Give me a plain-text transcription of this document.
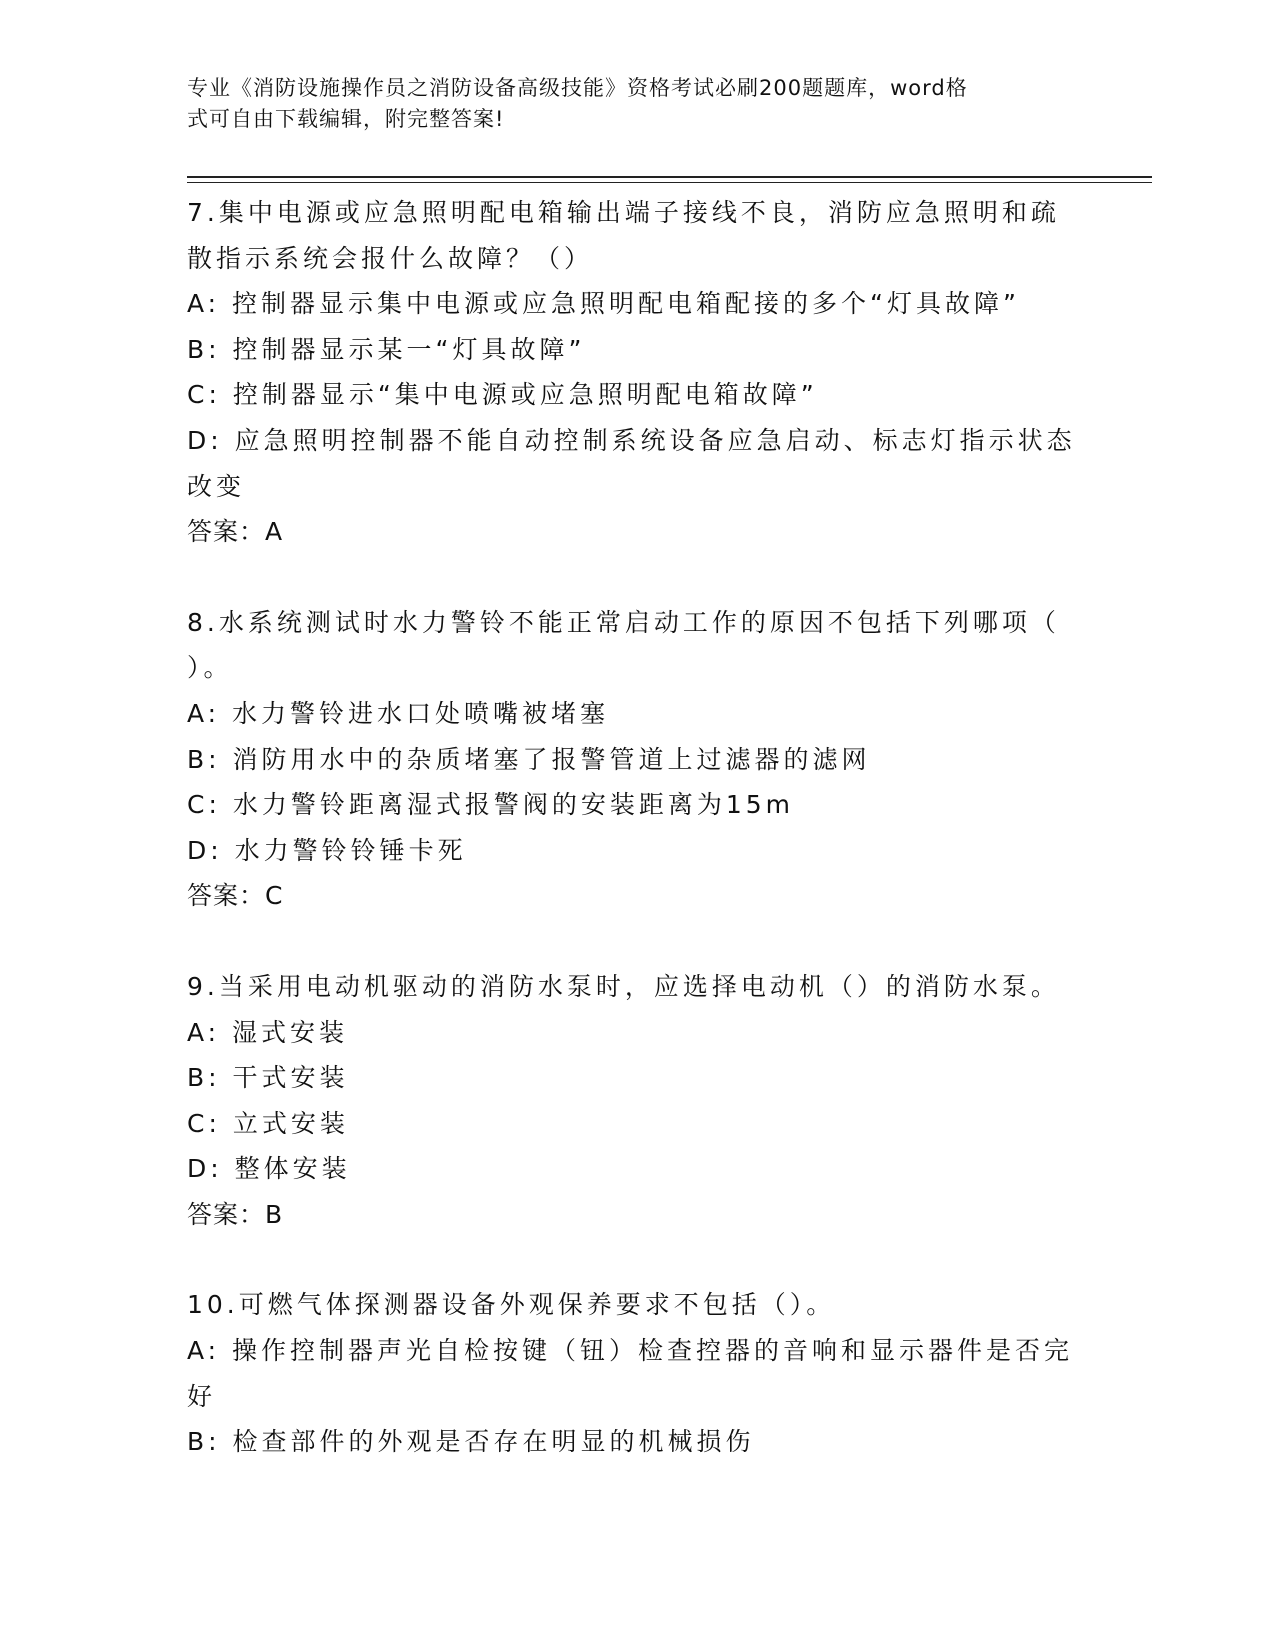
专业《消防设施操作员之消防设备高级技能》资格考试必刷200题题库，word格

式可自由下载编辑，附完整答案!

7.集中电源或应急照明配电箱输出端子接线不良，消防应急照明和疏

散指示系统会报什么故障？（）

A: 控制器显示集中电源或应急照明配电箱配接的多个“灯具故障”

B: 控制器显示某一“灯具故障”

C: 控制器显示“集中电源或应急照明配电箱故障”

D: 应急照明控制器不能自动控制系统设备应急启动、标志灯指示状态

改变

答案：A

8.水系统测试时水力警铃不能正常启动工作的原因不包括下列哪项（

）。

A: 水力警铃进水口处喷嘴被堵塞

B: 消防用水中的杂质堵塞了报警管道上过滤器的滤网

C: 水力警铃距离湿式报警阀的安装距离为15m

D: 水力警铃铃锤卡死

答案：C

9.当采用电动机驱动的消防水泵时，应选择电动机（）的消防水泵。

A: 湿式安装

B: 干式安装

C: 立式安装

D: 整体安装

答案：B

10.可燃气体探测器设备外观保养要求不包括（）。

A: 操作控制器声光自检按键（钮）检查控器的音响和显示器件是否完

好

B: 检查部件的外观是否存在明显的机械损伤
